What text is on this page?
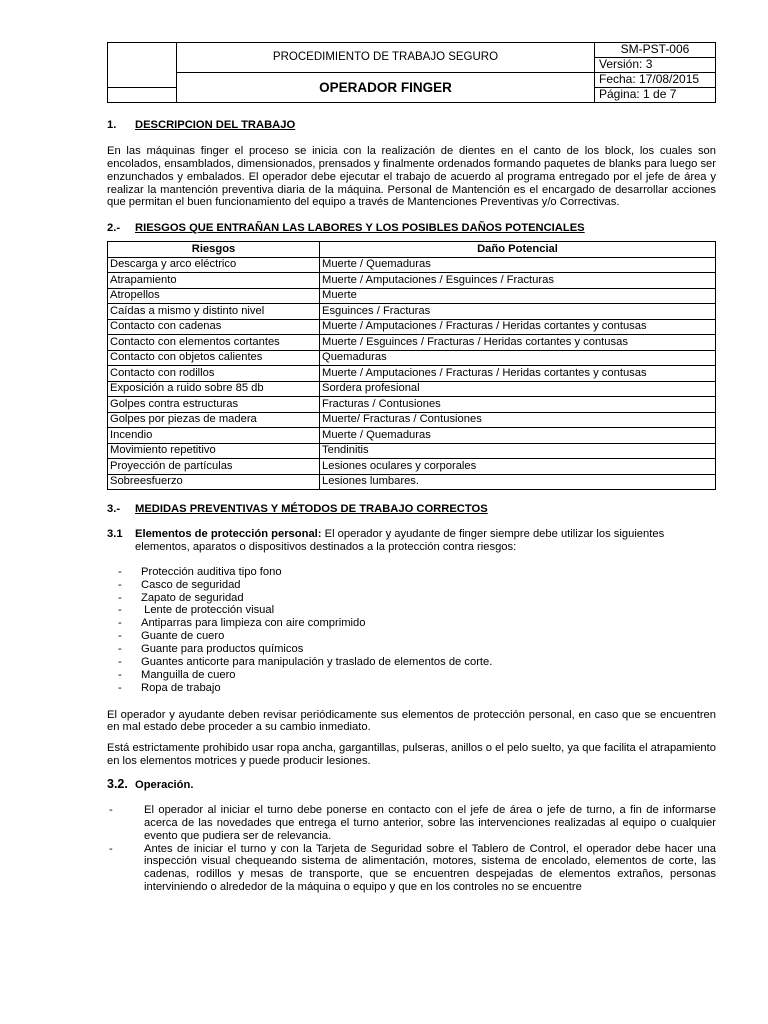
	PROCEDIMIENTO DE TRABAJO SEGURO	SM-PST-006
		Versión: 3
	OPERADOR FINGER	Fecha: 17/08/2015
		Página: 1 de 7
1. DESCRIPCION DEL TRABAJO

En las máquinas finger el proceso se inicia con la realización de dientes en el canto de los block, los cuales son encolados, ensamblados, dimensionados, prensados y finalmente ordenados formando paquetes de blanks para luego ser enzunchados y embalados. El operador debe ejecutar el trabajo de acuerdo al programa entregado por el jefe de área y realizar la mantención preventiva diaria de la máquina. Personal de Mantención es el encargado de desarrollar acciones que permitan el buen funcionamiento del equipo a través de Mantenciones Preventivas y/o Correctivas.

2.- RIESGOS QUE ENTRAÑAN LAS LABORES Y LOS POSIBLES DAÑOS POTENCIALES
Riesgos	Daño Potencial
Descarga y arco eléctrico	Muerte / Quemaduras
Atrapamiento	Muerte / Amputaciones / Esguinces / Fracturas
Atropellos	Muerte
Caídas a mismo y distinto nivel	Esguinces / Fracturas
Contacto con cadenas	Muerte / Amputaciones / Fracturas / Heridas cortantes y contusas
Contacto con elementos cortantes	Muerte / Esguinces / Fracturas / Heridas cortantes y contusas
Contacto con objetos calientes	Quemaduras
Contacto con rodillos	Muerte / Amputaciones / Fracturas / Heridas cortantes y contusas
Exposición a ruido sobre 85 db	Sordera profesional
Golpes contra estructuras	Fracturas / Contusiones
Golpes por piezas de madera	Muerte/ Fracturas / Contusiones
Incendio	Muerte / Quemaduras
Movimiento repetitivo	Tendinitis
Proyección de partículas	Lesiones oculares y corporales
Sobreesfuerzo	Lesiones lumbares.
3.- MEDIDAS PREVENTIVAS Y MÉTODOS DE TRABAJO CORRECTOS

3.1 Elementos de protección personal: El operador y ayudante de finger siempre debe utilizar los siguientes elementos, aparatos o dispositivos destinados a la protección contra riesgos:

- Protección auditiva tipo fono
- Casco de seguridad
- Zapato de seguridad
-  Lente de protección visual
- Antiparras para limpieza con aire comprimido
- Guante de cuero
- Guante para productos químicos
- Guantes anticorte para manipulación y traslado de elementos de corte.
- Manguilla de cuero
- Ropa de trabajo

El operador y ayudante deben revisar periódicamente sus elementos de protección personal, en caso que se encuentren en mal estado debe proceder a su cambio inmediato.

Está estrictamente prohibido usar ropa ancha, gargantillas, pulseras, anillos o el pelo suelto, ya que facilita el atrapamiento en los elementos motrices y puede producir lesiones.

3.2. Operación.
- El operador al iniciar el turno debe ponerse en contacto con el jefe de área o jefe de turno, a fin de informarse acerca de las novedades que entrega el turno anterior, sobre las intervenciones realizadas al equipo o cualquier evento que pudiera ser de relevancia.
- Antes de iniciar el turno y con la Tarjeta de Seguridad sobre el Tablero de Control, el operador debe hacer una inspección visual chequeando sistema de alimentación, motores, sistema de encolado, elementos de corte, las cadenas, rodillos y mesas de transporte, que se encuentren despejadas de elementos extraños, personas interviniendo o alrededor de la máquina o equipo y que en los controles no se encuentre
